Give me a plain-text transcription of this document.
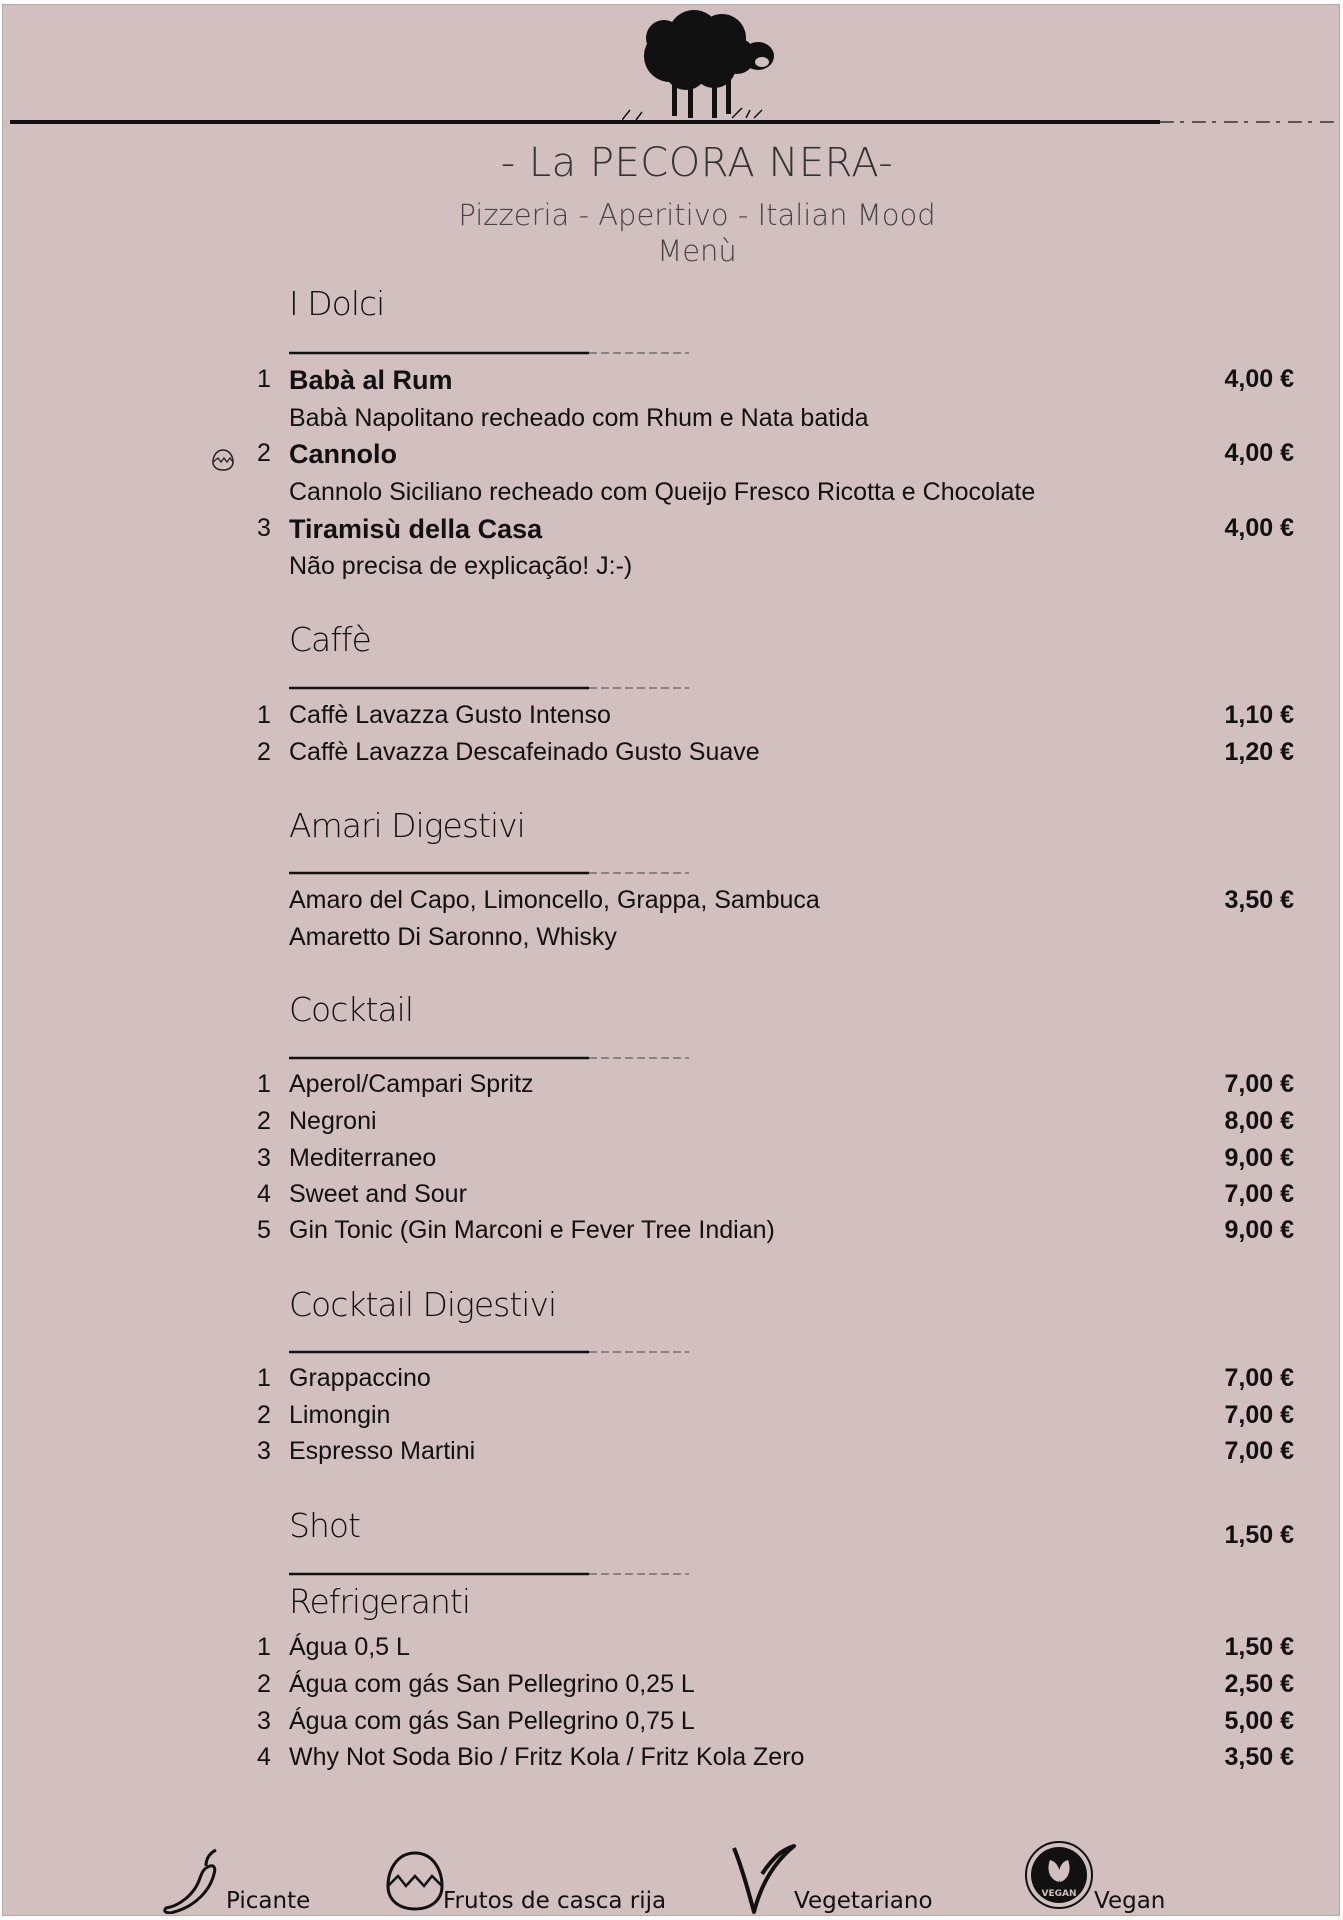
- La PECORA NERA-
Pizzeria - Aperitivo - Italian Mood
Menù
I Dolci
1 Babà al Rum	4,00 €
Babà Napolitano recheado com Rhum e Nata batida
2 Cannolo	4,00 €
Cannolo Siciliano recheado com Queijo Fresco Ricotta e Chocolate
3 Tiramisù della Casa	4,00 €
Não precisa de explicação! J:-)
Caffè
1 Caffè Lavazza Gusto Intenso	1,10 €
2 Caffè Lavazza Descafeinado Gusto Suave	1,20 €
Amari Digestivi
Amaro del Capo, Limoncello, Grappa, Sambuca	3,50 €
Amaretto Di Saronno, Whisky
Cocktail
1 Aperol/Campari Spritz	7,00 €
2 Negroni	8,00 €
3 Mediterraneo	9,00 €
4 Sweet and Sour	7,00 €
5 Gin Tonic (Gin Marconi e Fever Tree Indian)	9,00 €
Cocktail Digestivi
1 Grappaccino	7,00 €
2 Limongin	7,00 €
3 Espresso Martini	7,00 €
Shot	1,50 €
Refrigeranti
1 Água 0,5 L	1,50 €
2 Água com gás San Pellegrino 0,25 L	2,50 €
3 Água com gás San Pellegrino 0,75 L	5,00 €
4 Why Not Soda Bio / Fritz Kola / Fritz Kola Zero	3,50 €
Picante	Frutos de casca rija	Vegetariano	VEGAN Vegan
